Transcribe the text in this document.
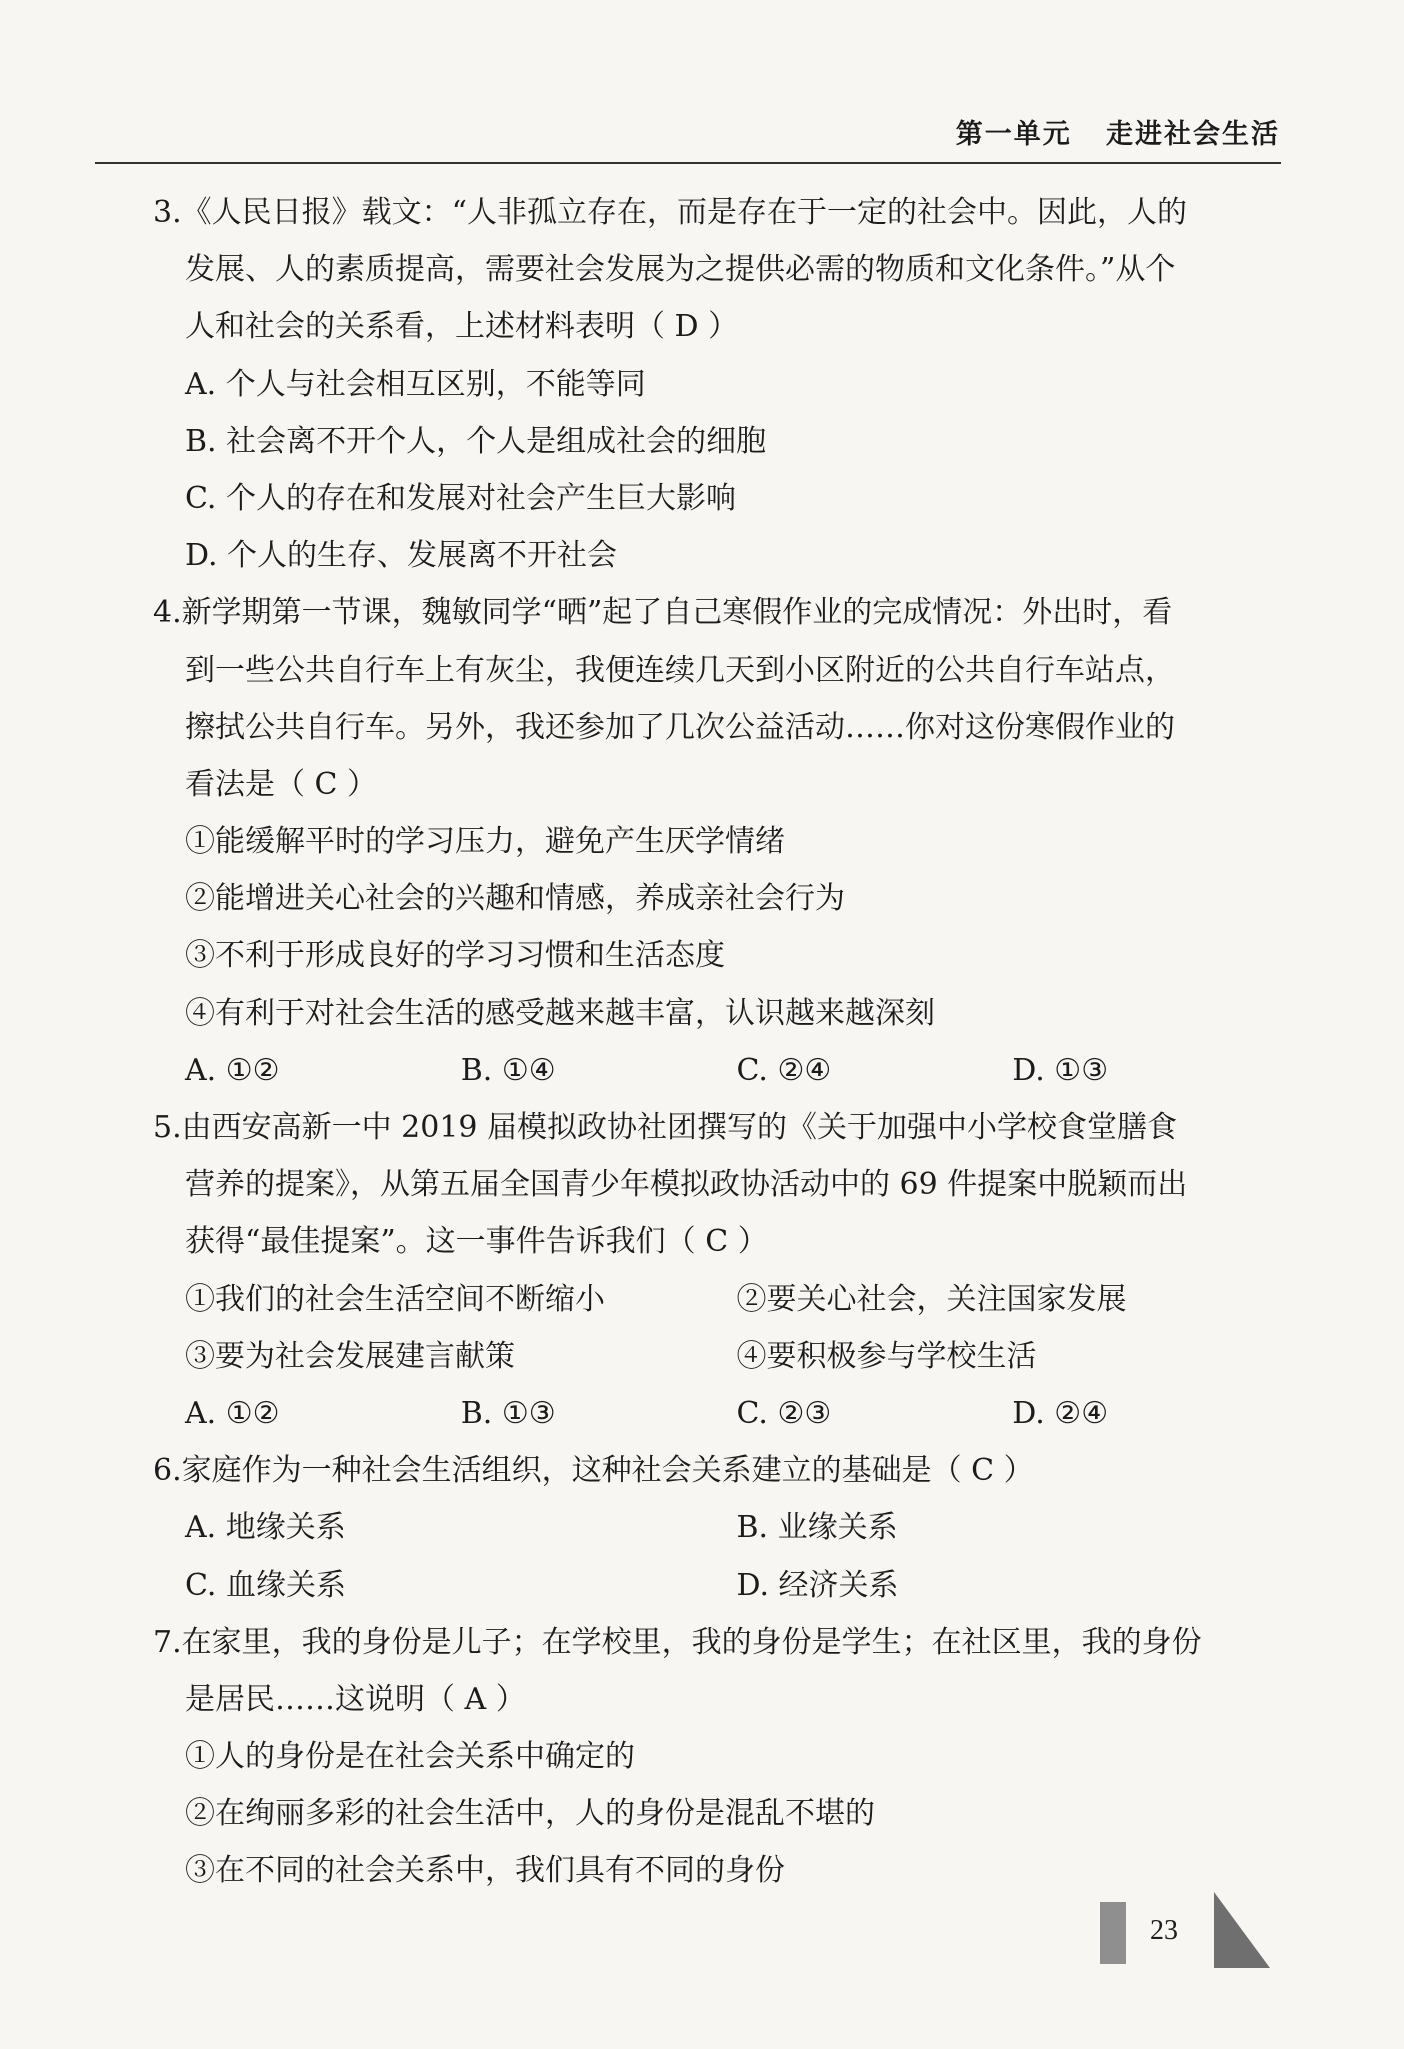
第一单元 走进社会生活
3.《人民日报》载文：“人非孤立存在，而是存在于一定的社会中。因此，人的
发展、人的素质提高，需要社会发展为之提供必需的物质和文化条件。”从个
人和社会的关系看，上述材料表明（ D ）
A. 个人与社会相互区别，不能等同
B. 社会离不开个人，个人是组成社会的细胞
C. 个人的存在和发展对社会产生巨大影响
D. 个人的生存、发展离不开社会
4.新学期第一节课，魏敏同学“晒”起了自己寒假作业的完成情况：外出时，看
到一些公共自行车上有灰尘，我便连续几天到小区附近的公共自行车站点，
擦拭公共自行车。另外，我还参加了几次公益活动……你对这份寒假作业的
看法是（ C ）
①能缓解平时的学习压力，避免产生厌学情绪
②能增进关心社会的兴趣和情感，养成亲社会行为
③不利于形成良好的学习习惯和生活态度
④有利于对社会生活的感受越来越丰富，认识越来越深刻
A. ①②	B. ①④	C. ②④	D. ①③
5.由西安高新一中 2019 届模拟政协社团撰写的《关于加强中小学校食堂膳食
营养的提案》，从第五届全国青少年模拟政协活动中的 69 件提案中脱颖而出
获得“最佳提案”。这一事件告诉我们（ C ）
①我们的社会生活空间不断缩小	②要关心社会，关注国家发展
③要为社会发展建言献策	④要积极参与学校生活
A. ①②	B. ①③	C. ②③	D. ②④
6.家庭作为一种社会生活组织，这种社会关系建立的基础是（ C ）
A. 地缘关系	B. 业缘关系
C. 血缘关系	D. 经济关系
7.在家里，我的身份是儿子；在学校里，我的身份是学生；在社区里，我的身份
是居民……这说明（ A ）
①人的身份是在社会关系中确定的
②在绚丽多彩的社会生活中，人的身份是混乱不堪的
③在不同的社会关系中，我们具有不同的身份
23
